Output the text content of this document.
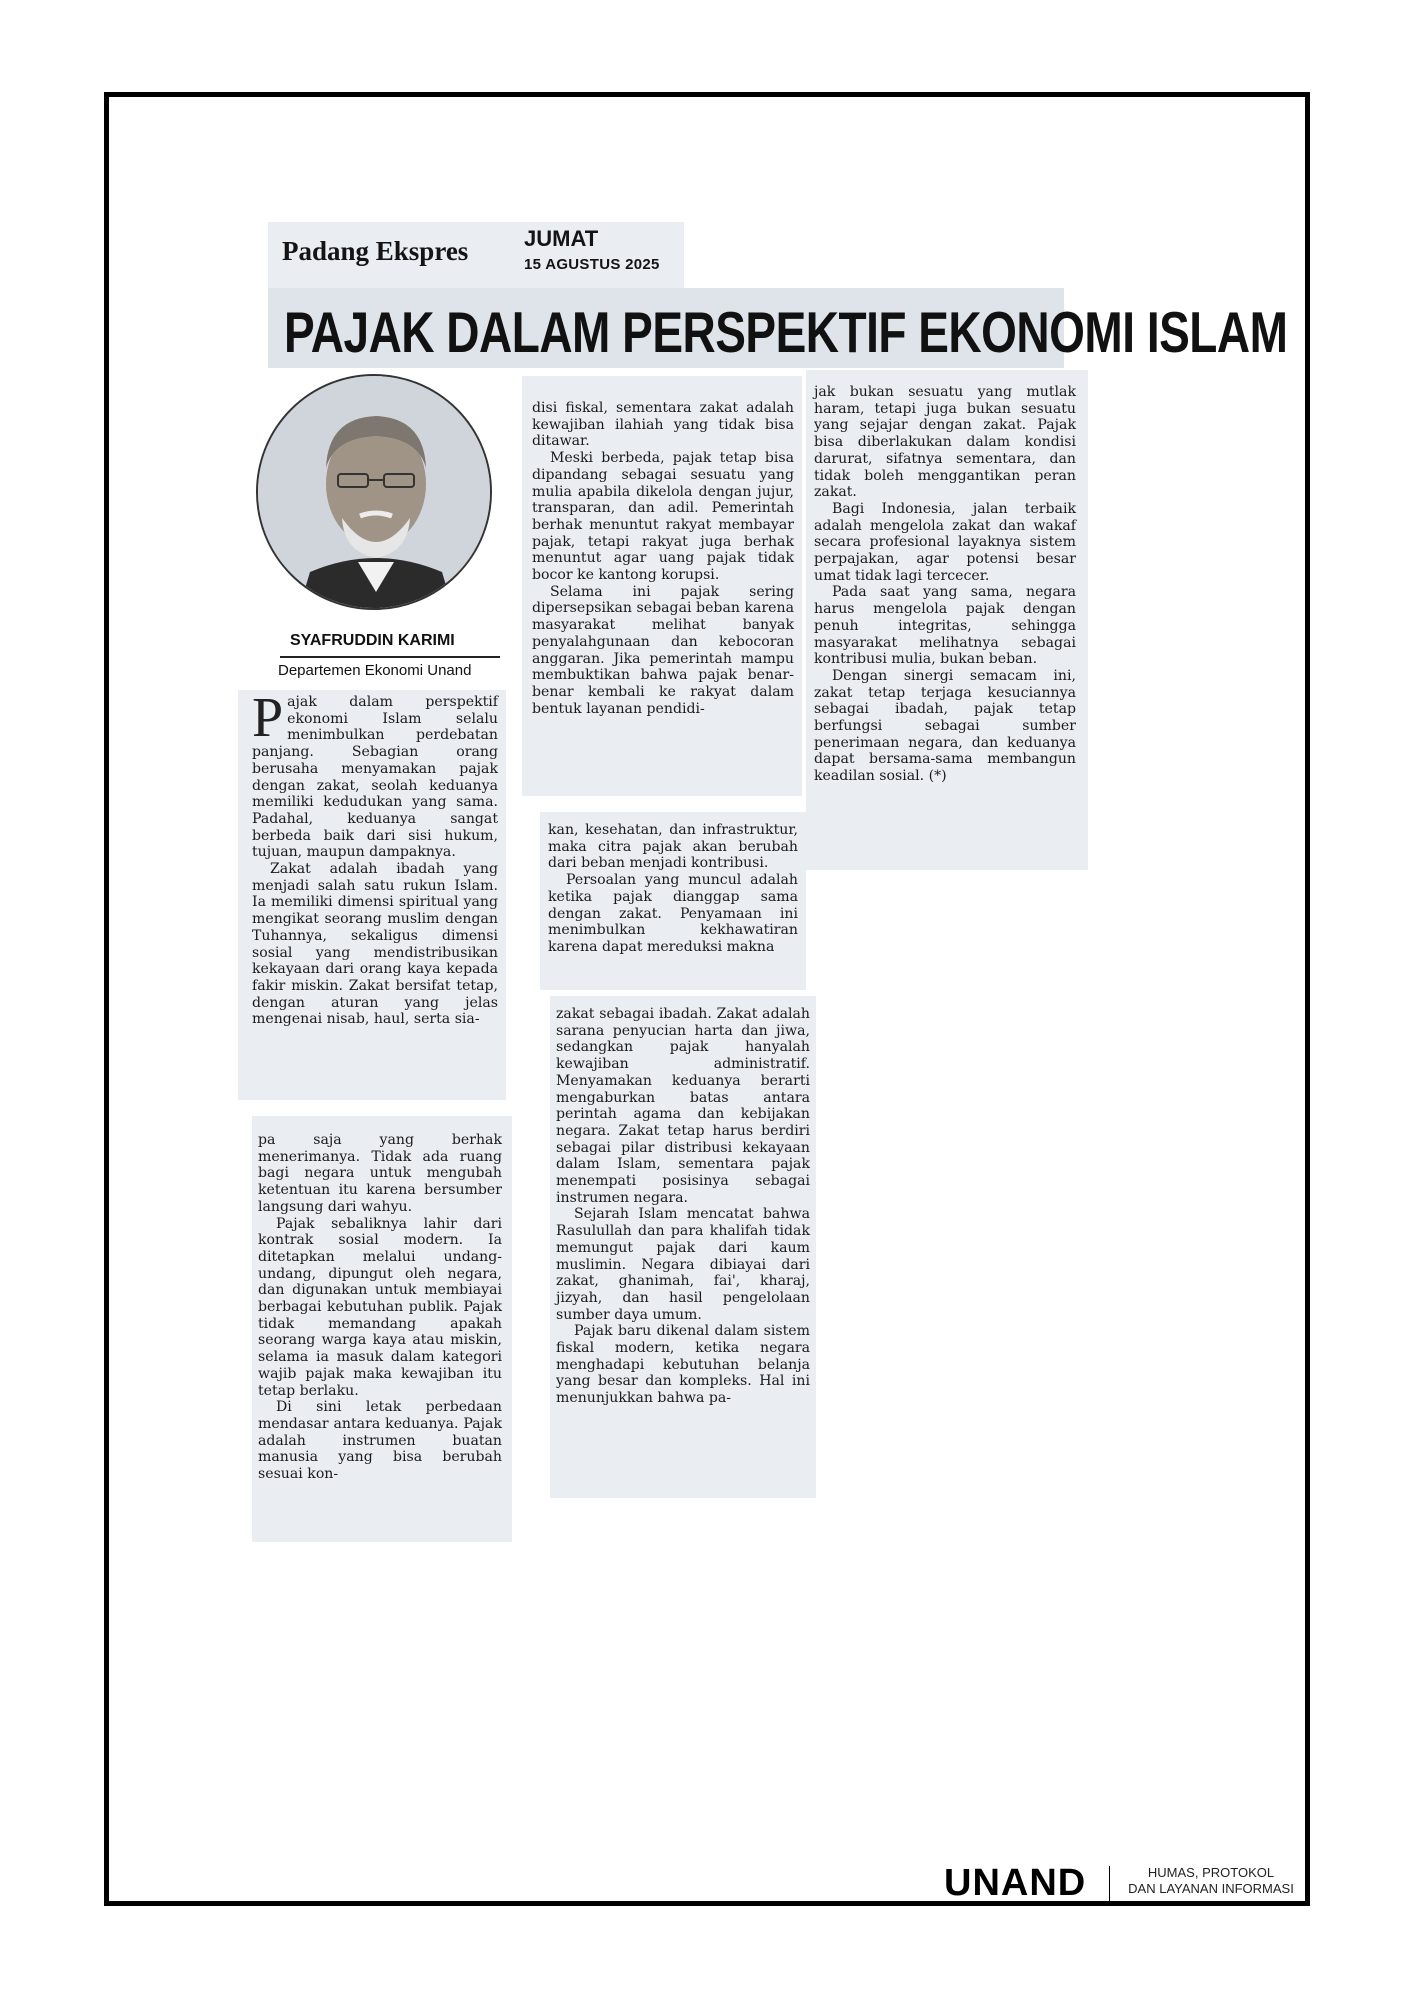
Padang Ekspres	JUMAT
15 AGUSTUS 2025
PAJAK DALAM PERSPEKTIF EKONOMI ISLAM
SYAFRUDDIN KARIMI
Departemen Ekonomi Unand

Pajak dalam perspektif ekonomi Islam selalu menimbulkan perdebatan panjang. Sebagian orang berusaha menyamakan pajak dengan zakat, seolah keduanya memiliki kedudukan yang sama. Padahal, keduanya sangat berbeda baik dari sisi hukum, tujuan, maupun dampaknya.

Zakat adalah ibadah yang menjadi salah satu rukun Islam. Ia memiliki dimensi spiritual yang mengikat seorang muslim dengan Tuhannya, sekaligus dimensi sosial yang mendistribusikan kekayaan dari orang kaya kepada fakir miskin. Zakat bersifat tetap, dengan aturan yang jelas mengenai nisab, haul, serta sia-

pa saja yang berhak menerimanya. Tidak ada ruang bagi negara untuk mengubah ketentuan itu karena bersumber langsung dari wahyu.

Pajak sebaliknya lahir dari kontrak sosial modern. Ia ditetapkan melalui undang-undang, dipungut oleh negara, dan digunakan untuk membiayai berbagai kebutuhan publik. Pajak tidak memandang apakah seorang warga kaya atau miskin, selama ia masuk dalam kategori wajib pajak maka kewajiban itu tetap berlaku.

Di sini letak perbedaan mendasar antara keduanya. Pajak adalah instrumen buatan manusia yang bisa berubah sesuai kon-

disi fiskal, sementara zakat adalah kewajiban ilahiah yang tidak bisa ditawar.

Meski berbeda, pajak tetap bisa dipandang sebagai sesuatu yang mulia apabila dikelola dengan jujur, transparan, dan adil. Pemerintah berhak menuntut rakyat membayar pajak, tetapi rakyat juga berhak menuntut agar uang pajak tidak bocor ke kantong korupsi.

Selama ini pajak sering dipersepsikan sebagai beban karena masyarakat melihat banyak penyalahgunaan dan kebocoran anggaran. Jika pemerintah mampu membuktikan bahwa pajak benar-benar kembali ke rakyat dalam bentuk layanan pendidi-

kan, kesehatan, dan infrastruktur, maka citra pajak akan berubah dari beban menjadi kontribusi.

Persoalan yang muncul adalah ketika pajak dianggap sama dengan zakat. Penyamaan ini menimbulkan kekhawatiran karena dapat mereduksi makna

zakat sebagai ibadah. Zakat adalah sarana penyucian harta dan jiwa, sedangkan pajak hanyalah kewajiban administratif. Menyamakan keduanya berarti mengaburkan batas antara perintah agama dan kebijakan negara. Zakat tetap harus berdiri sebagai pilar distribusi kekayaan dalam Islam, sementara pajak menempati posisinya sebagai instrumen negara.

Sejarah Islam mencatat bahwa Rasulullah dan para khalifah tidak memungut pajak dari kaum muslimin. Negara dibiayai dari zakat, ghanimah, fai', kharaj, jizyah, dan hasil pengelolaan sumber daya umum.

Pajak baru dikenal dalam sistem fiskal modern, ketika negara menghadapi kebutuhan belanja yang besar dan kompleks. Hal ini menunjukkan bahwa pa-

jak bukan sesuatu yang mutlak haram, tetapi juga bukan sesuatu yang sejajar dengan zakat. Pajak bisa diberlakukan dalam kondisi darurat, sifatnya sementara, dan tidak boleh menggantikan peran zakat.

Bagi Indonesia, jalan terbaik adalah mengelola zakat dan wakaf secara profesional layaknya sistem perpajakan, agar potensi besar umat tidak lagi tercecer.

Pada saat yang sama, negara harus mengelola pajak dengan penuh integritas, sehingga masyarakat melihatnya sebagai kontribusi mulia, bukan beban.

Dengan sinergi semacam ini, zakat tetap terjaga kesuciannya sebagai ibadah, pajak tetap berfungsi sebagai sumber penerimaan negara, dan keduanya dapat bersama-sama membangun keadilan sosial. (*)

UNAND	HUMAS, PROTOKOL
DAN LAYANAN INFORMASI
